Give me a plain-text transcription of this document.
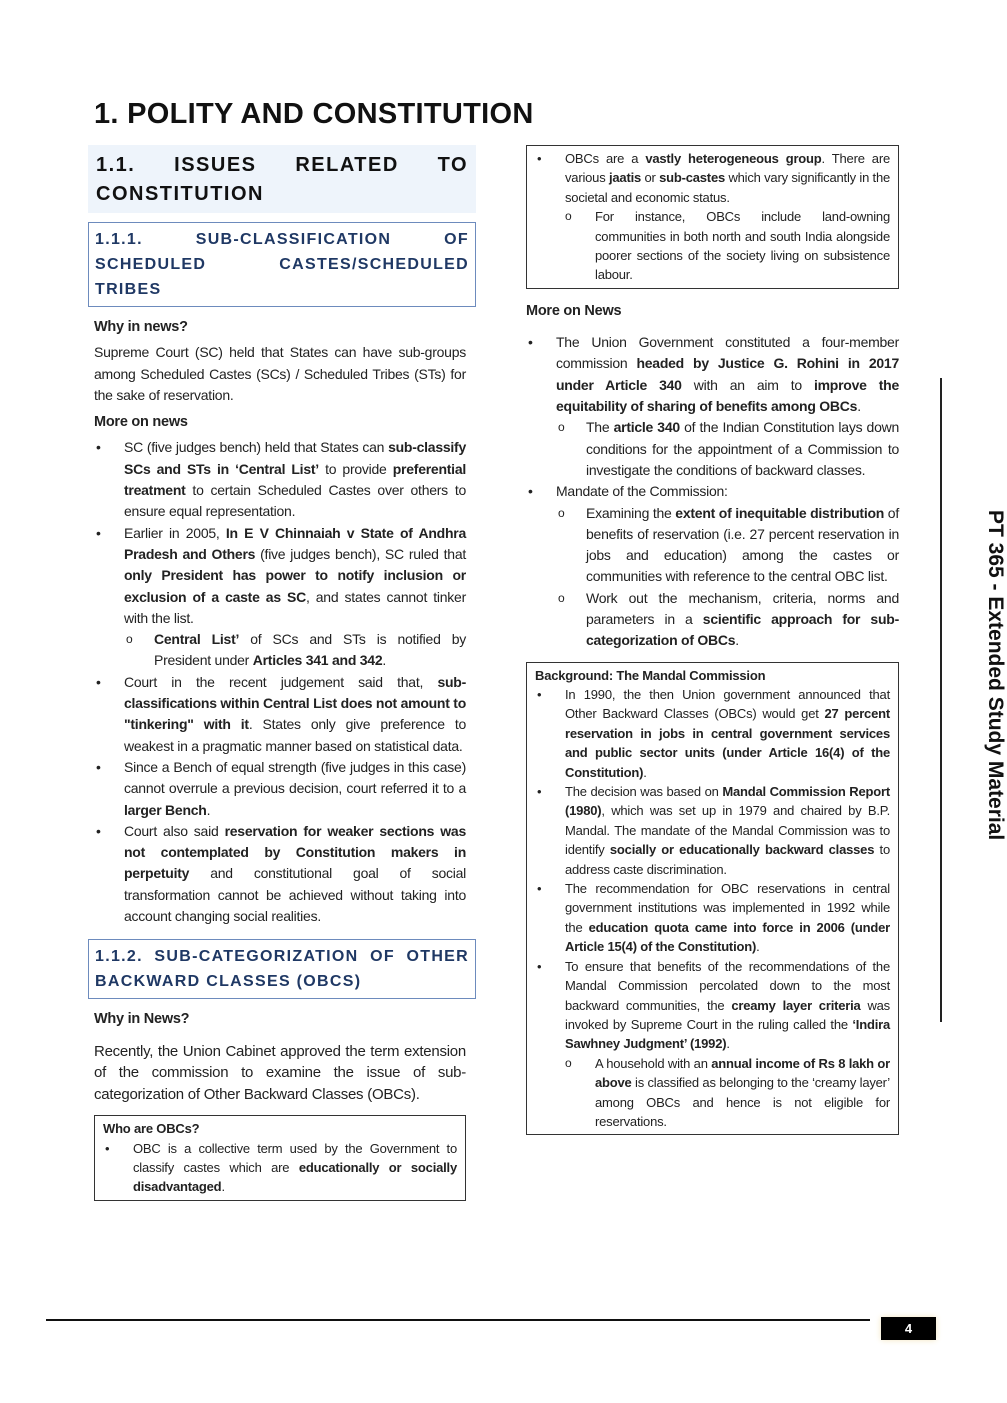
1. POLITY AND CONSTITUTION
1.1. ISSUES RELATED TO CONSTITUTION
1.1.1. SUB-CLASSIFICATION OF SCHEDULED CASTES/SCHEDULED TRIBES
Why in news?
Supreme Court (SC) held that States can have sub-groups among Scheduled Castes (SCs) / Scheduled Tribes (STs) for the sake of reservation.
More on news
• SC (five judges bench) held that States can sub-classify SCs and STs in ‘Central List’ to provide preferential treatment to certain Scheduled Castes over others to ensure equal representation.
• Earlier in 2005, In E V Chinnaiah v State of Andhra Pradesh and Others (five judges bench), SC ruled that only President has power to notify inclusion or exclusion of a caste as SC, and states cannot tinker with the list.
o Central List’ of SCs and STs is notified by President under Articles 341 and 342.
• Court in the recent judgement said that, sub-classifications within Central List does not amount to "tinkering" with it. States only give preference to weakest in a pragmatic manner based on statistical data.
• Since a Bench of equal strength (five judges in this case) cannot overrule a previous decision, court referred it to a larger Bench.
• Court also said reservation for weaker sections was not contemplated by Constitution makers in perpetuity and constitutional goal of social transformation cannot be achieved without taking into account changing social realities.
1.1.2. SUB-CATEGORIZATION OF OTHER BACKWARD CLASSES (OBCS)
Why in News?
Recently, the Union Cabinet approved the term extension of the commission to examine the issue of sub-categorization of Other Backward Classes (OBCs).
Who are OBCs?
• OBC is a collective term used by the Government to classify castes which are educationally or socially disadvantaged.
• OBCs are a vastly heterogeneous group. There are various jaatis or sub-castes which vary significantly in the societal and economic status.
o For instance, OBCs include land-owning communities in both north and south India alongside poorer sections of the society living on subsistence labour.
More on News
• The Union Government constituted a four-member commission headed by Justice G. Rohini in 2017 under Article 340 with an aim to improve the equitability of sharing of benefits among OBCs.
o The article 340 of the Indian Constitution lays down conditions for the appointment of a Commission to investigate the conditions of backward classes.
• Mandate of the Commission:
o Examining the extent of inequitable distribution of benefits of reservation (i.e. 27 percent reservation in jobs and education) among the castes or communities with reference to the central OBC list.
o Work out the mechanism, criteria, norms and parameters in a scientific approach for sub-categorization of OBCs.
Background: The Mandal Commission
• In 1990, the then Union government announced that Other Backward Classes (OBCs) would get 27 percent reservation in jobs in central government services and public sector units (under Article 16(4) of the Constitution).
• The decision was based on Mandal Commission Report (1980), which was set up in 1979 and chaired by B.P. Mandal. The mandate of the Mandal Commission was to identify socially or educationally backward classes to address caste discrimination.
• The recommendation for OBC reservations in central government institutions was implemented in 1992 while the education quota came into force in 2006 (under Article 15(4) of the Constitution).
• To ensure that benefits of the recommendations of the Mandal Commission percolated down to the most backward communities, the creamy layer criteria was invoked by Supreme Court in the ruling called the ‘Indira Sawhney Judgment’ (1992).
o A household with an annual income of Rs 8 lakh or above is classified as belonging to the ‘creamy layer’ among OBCs and hence is not eligible for reservations.
PT 365 - Extended Study Material
4
